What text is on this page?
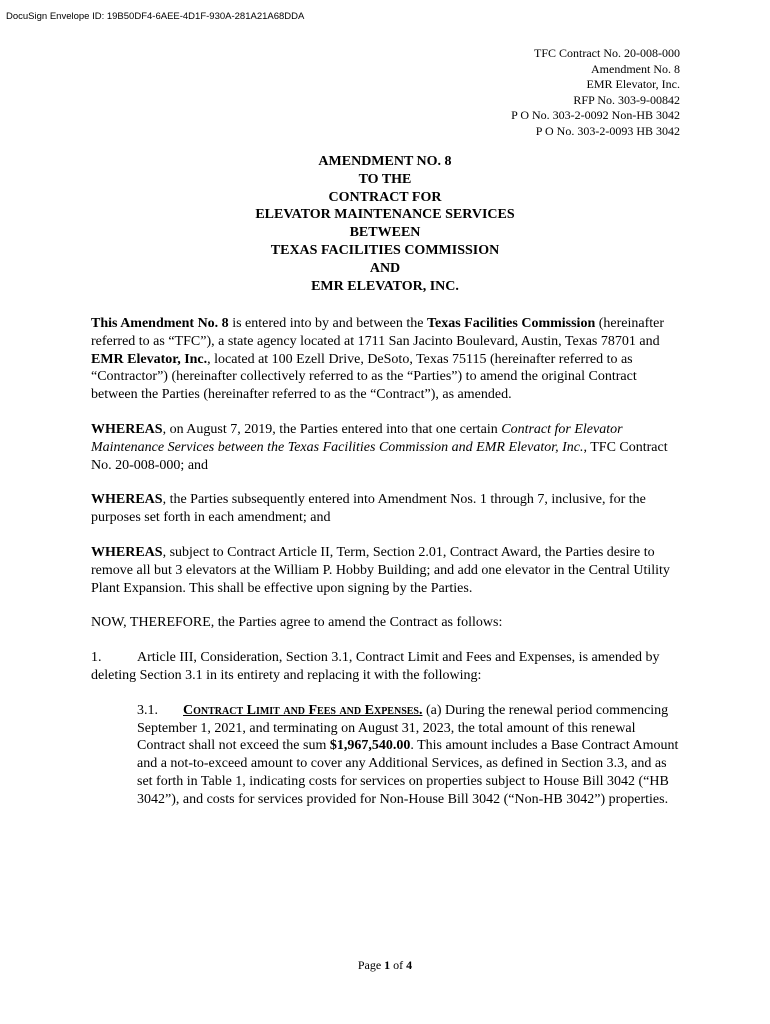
DocuSign Envelope ID: 19B50DF4-6AEE-4D1F-930A-281A21A68DDA
TFC Contract No. 20-008-000
Amendment No. 8
EMR Elevator, Inc.
RFP No. 303-9-00842
P O No. 303-2-0092 Non-HB 3042
P O No. 303-2-0093 HB 3042
AMENDMENT NO. 8
TO THE
CONTRACT FOR
ELEVATOR MAINTENANCE SERVICES
BETWEEN
TEXAS FACILITIES COMMISSION
AND
EMR ELEVATOR, INC.

This Amendment No. 8 is entered into by and between the Texas Facilities Commission (hereinafter referred to as “TFC”), a state agency located at 1711 San Jacinto Boulevard, Austin, Texas 78701 and EMR Elevator, Inc., located at 100 Ezell Drive, DeSoto, Texas 75115 (hereinafter referred to as “Contractor”) (hereinafter collectively referred to as the “Parties”) to amend the original Contract between the Parties (hereinafter referred to as the “Contract”), as amended.

WHEREAS, on August 7, 2019, the Parties entered into that one certain Contract for Elevator Maintenance Services between the Texas Facilities Commission and EMR Elevator, Inc., TFC Contract No. 20-008-000; and

WHEREAS, the Parties subsequently entered into Amendment Nos. 1 through 7, inclusive, for the purposes set forth in each amendment; and

WHEREAS, subject to Contract Article II, Term, Section 2.01, Contract Award, the Parties desire to remove all but 3 elevators at the William P. Hobby Building; and add one elevator in the Central Utility Plant Expansion. This shall be effective upon signing by the Parties.

NOW, THEREFORE, the Parties agree to amend the Contract as follows:

1.	Article III, Consideration, Section 3.1, Contract Limit and Fees and Expenses, is amended by deleting Section 3.1 in its entirety and replacing it with the following:

3.1. Contract Limit and Fees and Expenses. (a) During the renewal period commencing September 1, 2021, and terminating on August 31, 2023, the total amount of this renewal Contract shall not exceed the sum $1,967,540.00. This amount includes a Base Contract Amount and a not-to-exceed amount to cover any Additional Services, as defined in Section 3.3, and as set forth in Table 1, indicating costs for services on properties subject to House Bill 3042 (“HB 3042”), and costs for services provided for Non-House Bill 3042 (“Non-HB 3042”) properties.

Page 1 of 4
